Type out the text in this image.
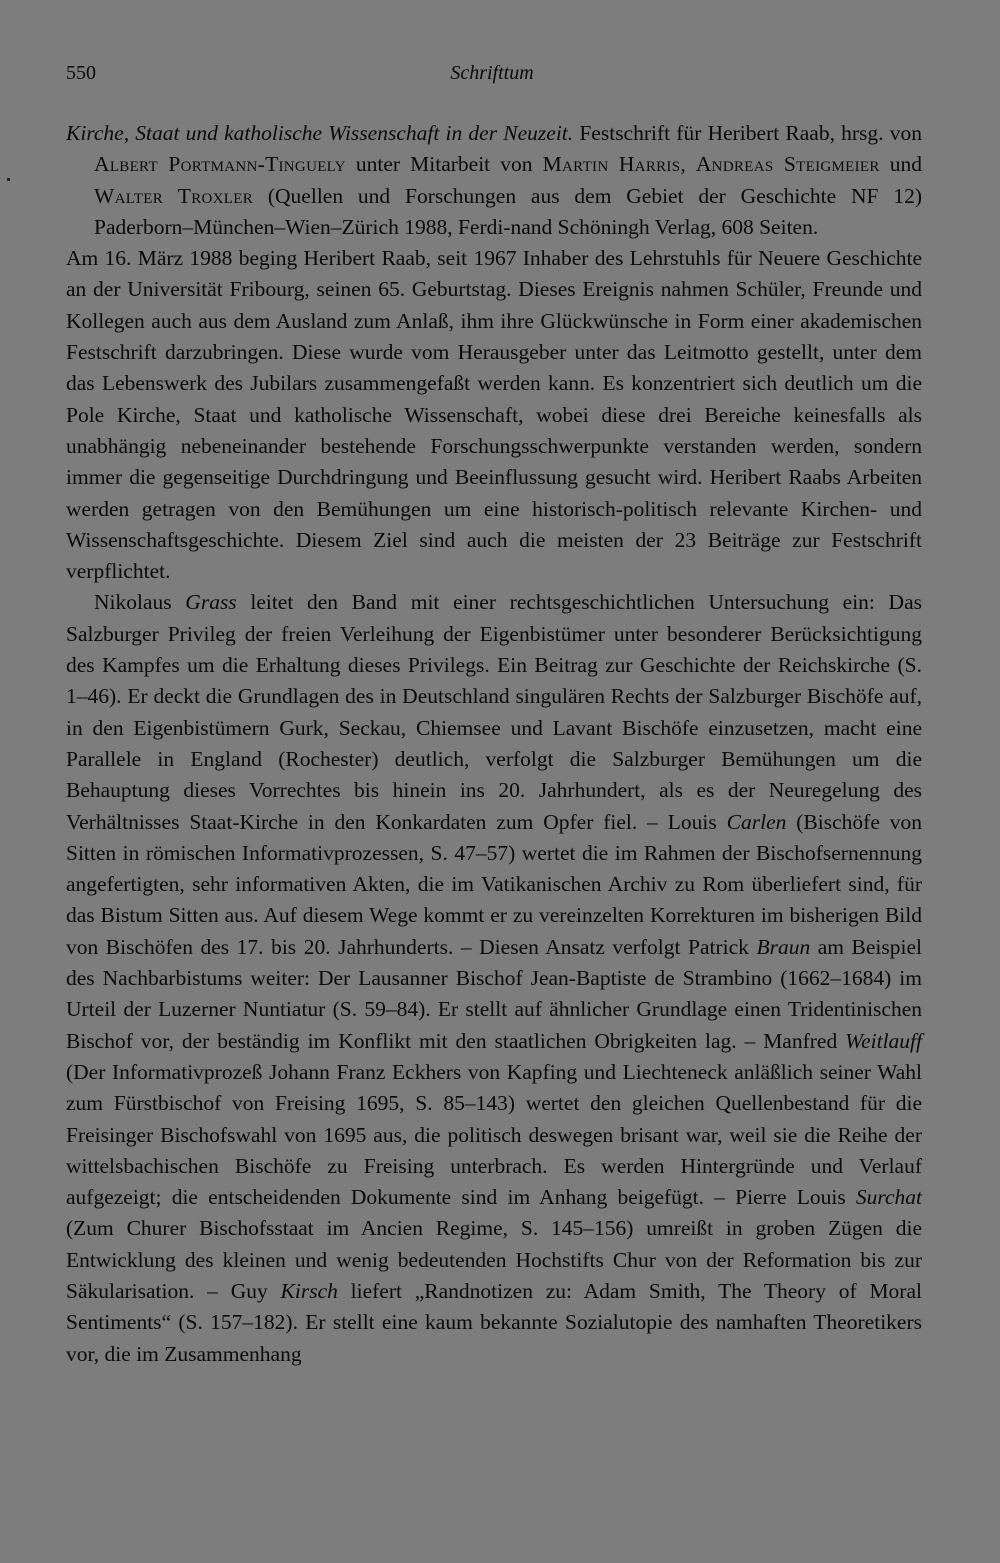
550	Schrifttum

Kirche, Staat und katholische Wissenschaft in der Neuzeit. Festschrift für Heribert Raab, hrsg. von Albert Portmann-Tinguely unter Mitarbeit von Martin Harris, Andreas Steigmeier und Walter Troxler (Quellen und Forschungen aus dem Gebiet der Geschichte NF 12) Paderborn–München–Wien–Zürich 1988, Ferdi-nand Schöningh Verlag, 608 Seiten.

Am 16. März 1988 beging Heribert Raab, seit 1967 Inhaber des Lehrstuhls für Neuere Geschichte an der Universität Fribourg, seinen 65. Geburtstag. Dieses Ereignis nahmen Schüler, Freunde und Kollegen auch aus dem Ausland zum Anlaß, ihm ihre Glückwünsche in Form einer akademischen Festschrift darzubringen. Diese wurde vom Herausgeber unter das Leitmotto gestellt, unter dem das Lebenswerk des Jubilars zusammengefaßt werden kann. Es konzentriert sich deutlich um die Pole Kirche, Staat und katholische Wissenschaft, wobei diese drei Bereiche keinesfalls als unabhängig nebeneinander bestehende Forschungsschwerpunkte verstanden werden, sondern immer die gegenseitige Durchdringung und Beeinflussung gesucht wird. Heribert Raabs Arbeiten werden getragen von den Bemühungen um eine historisch-politisch relevante Kirchen- und Wissenschaftsgeschichte. Diesem Ziel sind auch die meisten der 23 Beiträge zur Festschrift verpflichtet.

Nikolaus Grass leitet den Band mit einer rechtsgeschichtlichen Untersuchung ein: Das Salzburger Privileg der freien Verleihung der Eigenbistümer unter besonderer Berücksichtigung des Kampfes um die Erhaltung dieses Privilegs. Ein Beitrag zur Geschichte der Reichskirche (S. 1–46). Er deckt die Grundlagen des in Deutschland singulären Rechts der Salzburger Bischöfe auf, in den Eigenbistümern Gurk, Seckau, Chiemsee und Lavant Bischöfe einzusetzen, macht eine Parallele in England (Rochester) deutlich, verfolgt die Salzburger Bemühungen um die Behauptung dieses Vorrechtes bis hinein ins 20. Jahrhundert, als es der Neuregelung des Verhältnisses Staat-Kirche in den Konkardaten zum Opfer fiel. – Louis Carlen (Bischöfe von Sitten in römischen Informativprozessen, S. 47–57) wertet die im Rahmen der Bischofsernennung angefertigten, sehr informativen Akten, die im Vatikanischen Archiv zu Rom überliefert sind, für das Bistum Sitten aus. Auf diesem Wege kommt er zu vereinzelten Korrekturen im bisherigen Bild von Bischöfen des 17. bis 20. Jahrhunderts. – Diesen Ansatz verfolgt Patrick Braun am Beispiel des Nachbarbistums weiter: Der Lausanner Bischof Jean-Baptiste de Strambino (1662–1684) im Urteil der Luzerner Nuntiatur (S. 59–84). Er stellt auf ähnlicher Grundlage einen Tridentinischen Bischof vor, der beständig im Konflikt mit den staatlichen Obrigkeiten lag. – Manfred Weitlauff (Der Informativprozeß Johann Franz Eckhers von Kapfing und Liechteneck anläßlich seiner Wahl zum Fürstbischof von Freising 1695, S. 85–143) wertet den gleichen Quellenbestand für die Freisinger Bischofswahl von 1695 aus, die politisch deswegen brisant war, weil sie die Reihe der wittelsbachischen Bischöfe zu Freising unterbrach. Es werden Hintergründe und Verlauf aufgezeigt; die entscheidenden Dokumente sind im Anhang beigefügt. – Pierre Louis Surchat (Zum Churer Bischofsstaat im Ancien Regime, S. 145–156) umreißt in groben Zügen die Entwicklung des kleinen und wenig bedeutenden Hochstifts Chur von der Reformation bis zur Säkularisation. – Guy Kirsch liefert „Randnotizen zu: Adam Smith, The Theory of Moral Sentiments“ (S. 157–182). Er stellt eine kaum bekannte Sozialutopie des namhaften Theoretikers vor, die im Zusammenhang
